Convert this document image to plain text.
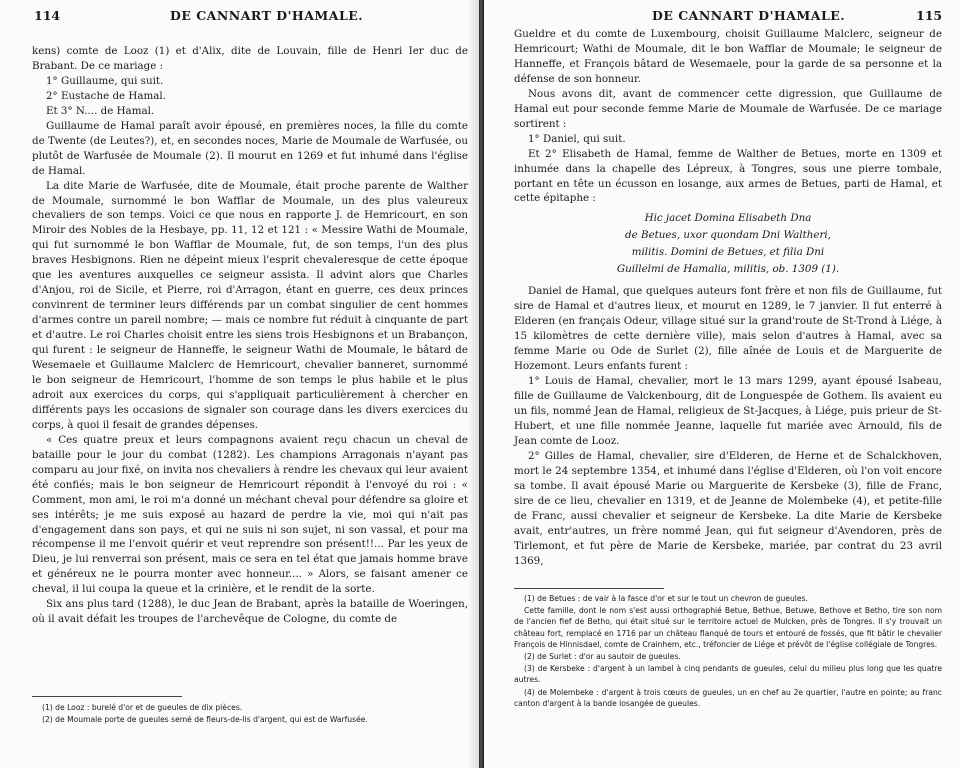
114	DE CANNART D'HAMALE.

kens) comte de Looz (1) et d'Alix, dite de Louvain, fille de Henri Ier duc de Brabant. De ce mariage :

1° Guillaume, qui suit.

2° Eustache de Hamal.

Et 3° N.... de Hamal.

Guillaume de Hamal paraît avoir épousé, en premières noces, la fille du comte de Twente (de Leutes?), et, en secondes noces, Marie de Moumale de Warfusée, ou plutôt de Warfusée de Moumale (2). Il mourut en 1269 et fut inhumé dans l'église de Hamal.

La dite Marie de Warfusée, dite de Moumale, était proche parente de Walther de Moumale, surnommé le bon Wafflar de Moumale, un des plus valeureux chevaliers de son temps. Voici ce que nous en rapporte J. de Hemricourt, en son Miroir des Nobles de la Hesbaye, pp. 11, 12 et 121 : « Messire Wathi de Moumale, qui fut surnommé le bon Wafflar de Moumale, fut, de son temps, l'un des plus braves Hesbignons. Rien ne dépeint mieux l'esprit chevaleresque de cette époque que les aventures auxquelles ce seigneur assista. Il advint alors que Charles d'Anjou, roi de Sicile, et Pierre, roi d'Arragon, étant en guerre, ces deux princes convinrent de terminer leurs différends par un combat singulier de cent hommes d'armes contre un pareil nombre; — mais ce nombre fut réduit à cinquante de part et d'autre. Le roi Charles choisit entre les siens trois Hesbignons et un Brabançon, qui furent : le seigneur de Hanneffe, le seigneur Wathi de Moumale, le bâtard de Wesemaele et Guillaume Malclerc de Hemricourt, chevalier banneret, surnommé le bon seigneur de Hemricourt, l'homme de son temps le plus habile et le plus adroit aux exercices du corps, qui s'appliquait particulièrement à chercher en différents pays les occasions de signaler son courage dans les divers exercices du corps, à quoi il fesait de grandes dépenses.

« Ces quatre preux et leurs compagnons avaient reçu chacun un cheval de bataille pour le jour du combat (1282). Les champions Arragonais n'ayant pas comparu au jour fixé, on invita nos chevaliers à rendre les chevaux qui leur avaient été confiés; mais le bon seigneur de Hemricourt répondit à l'envoyé du roi : « Comment, mon ami, le roi m'a donné un méchant cheval pour défendre sa gloire et ses intérêts; je me suis exposé au hazard de perdre la vie, moi qui n'ait pas d'engagement dans son pays, et qui ne suis ni son sujet, ni son vassal, et pour ma récompense il me l'envoit quérir et veut reprendre son présent!!... Par les yeux de Dieu, je lui renverrai son présent, mais ce sera en tel état que jamais homme brave et généreux ne le pourra monter avec honneur.... » Alors, se faisant amener ce cheval, il lui coupa la queue et la crinière, et le rendit de la sorte.

Six ans plus tard (1288), le duc Jean de Brabant, après la bataille de Woeringen, où il avait défait les troupes de l'archevêque de Cologne, du comte de

(1) de Looz : burelé d'or et de gueules de dix pièces.

(2) de Moumale porte de gueules semé de fleurs-de-lis d'argent, qui est de Warfusée.

DE CANNART D'HAMALE.	115

Gueldre et du comte de Luxembourg, choisit Guillaume Malclerc, seigneur de Hemricourt; Wathi de Moumale, dit le bon Wafflar de Moumale; le seigneur de Hanneffe, et François bâtard de Wesemaele, pour la garde de sa personne et la défense de son honneur.

Nous avons dit, avant de commencer cette digression, que Guillaume de Hamal eut pour seconde femme Marie de Moumale de Warfusée. De ce mariage sortirent :

1° Daniel, qui suit.

Et 2° Elisabeth de Hamal, femme de Walther de Betues, morte en 1309 et inhumée dans la chapelle des Lépreux, à Tongres, sous une pierre tombale, portant en tête un écusson en losange, aux armes de Betues, parti de Hamal, et cette épitaphe :

Hic jacet Domina Elisabeth Dna
de Betues, uxor quondam Dni Waltheri,
militis. Domini de Betues, et filia Dni
Guillelmi de Hamalia, militis, ob. 1309 (1).

Daniel de Hamal, que quelques auteurs font frère et non fils de Guillaume, fut sire de Hamal et d'autres lieux, et mourut en 1289, le 7 janvier. Il fut enterré à Elderen (en français Odeur, village situé sur la grand'route de St-Trond à Liége, à 15 kilomètres de cette dernière ville), mais selon d'autres à Hamal, avec sa femme Marie ou Ode de Surlet (2), fille aînée de Louis et de Marguerite de Hozemont. Leurs enfants furent :

1° Louis de Hamal, chevalier, mort le 13 mars 1299, ayant épousé Isabeau, fille de Guillaume de Valckenbourg, dit de Longuespée de Gothem. Ils avaient eu un fils, nommé Jean de Hamal, religieux de St-Jacques, à Liége, puis prieur de St-Hubert, et une fille nommée Jeanne, laquelle fut mariée avec Arnould, fils de Jean comte de Looz.

2° Gilles de Hamal, chevalier, sire d'Elderen, de Herne et de Schalckhoven, mort le 24 septembre 1354, et inhumé dans l'église d'Elderen, où l'on voit encore sa tombe. Il avait épousé Marie ou Marguerite de Kersbeke (3), fille de Franc, sire de ce lieu, chevalier en 1319, et de Jeanne de Molembeke (4), et petite-fille de Franc, aussi chevalier et seigneur de Kersbeke. La dite Marie de Kersbeke avait, entr'autres, un frère nommé Jean, qui fut seigneur d'Avendoren, près de Tirlemont, et fut père de Marie de Kersbeke, mariée, par contrat du 23 avril 1369,

(1) de Betues : de vair à la fasce d'or et sur le tout un chevron de gueules.

Cette famille, dont le nom s'est aussi orthographié Betue, Bethue, Betuwe, Bethove et Betho, tire son nom de l'ancien fief de Betho, qui était situé sur le territoire actuel de Mulcken, près de Tongres. Il s'y trouvait un château fort, remplacé en 1716 par un château flanqué de tours et entouré de fossés, que fit bâtir le chevalier François de Hinnisdael, comte de Crainhem, etc., tréfoncier de Liége et prévôt de l'église collégiale de Tongres.

(2) de Surlet : d'or au sautoir de gueules.

(3) de Kersbeke : d'argent à un lambel à cinq pendants de gueules, celui du milieu plus long que les quatre autres.

(4) de Molembeke : d'argent à trois cœurs de gueules, un en chef au 2e quartier, l'autre en pointe; au franc canton d'argent à la bande losangée de gueules.
